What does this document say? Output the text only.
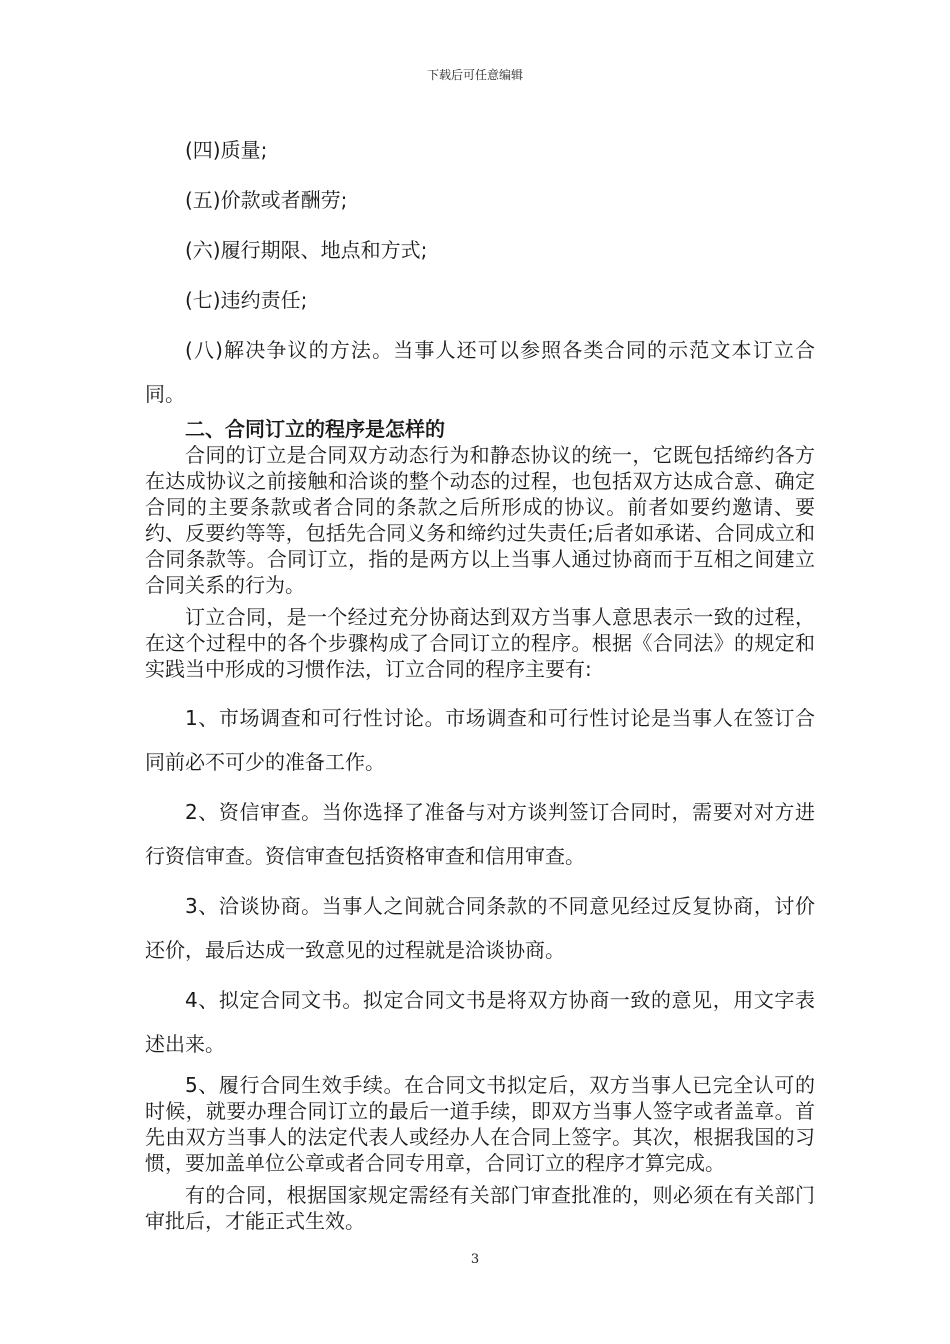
下载后可任意编辑

(四)质量;

(五)价款或者酬劳;

(六)履行期限、地点和方式;

(七)违约责任;

(八)解决争议的方法。当事人还可以参照各类合同的示范文本订立合同。

二、合同订立的程序是怎样的

合同的订立是合同双方动态行为和静态协议的统一，它既包括缔约各方在达成协议之前接触和洽谈的整个动态的过程，也包括双方达成合意、确定合同的主要条款或者合同的条款之后所形成的协议。前者如要约邀请、要约、反要约等等，包括先合同义务和缔约过失责任;后者如承诺、合同成立和合同条款等。合同订立，指的是两方以上当事人通过协商而于互相之间建立合同关系的行为。

订立合同，是一个经过充分协商达到双方当事人意思表示一致的过程，在这个过程中的各个步骤构成了合同订立的程序。根据《合同法》的规定和实践当中形成的习惯作法，订立合同的程序主要有:

1、市场调查和可行性讨论。市场调查和可行性讨论是当事人在签订合同前必不可少的准备工作。

2、资信审查。当你选择了准备与对方谈判签订合同时，需要对对方进行资信审查。资信审查包括资格审查和信用审查。

3、洽谈协商。当事人之间就合同条款的不同意见经过反复协商，讨价还价，最后达成一致意见的过程就是洽谈协商。

4、拟定合同文书。拟定合同文书是将双方协商一致的意见，用文字表述出来。

5、履行合同生效手续。在合同文书拟定后，双方当事人已完全认可的时候，就要办理合同订立的最后一道手续，即双方当事人签字或者盖章。首先由双方当事人的法定代表人或经办人在合同上签字。其次，根据我国的习惯，要加盖单位公章或者合同专用章，合同订立的程序才算完成。

有的合同，根据国家规定需经有关部门审查批准的，则必须在有关部门审批后，才能正式生效。

3
